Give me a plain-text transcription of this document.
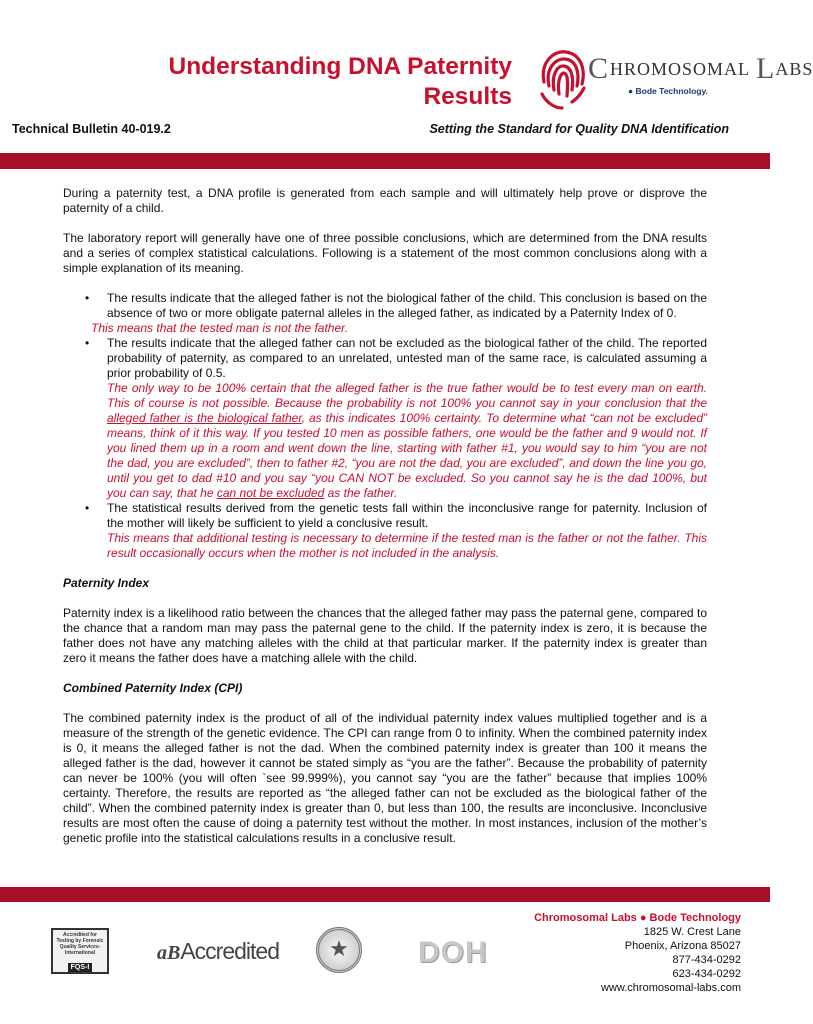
Understanding DNA Paternity
Results
CHROMOSOMAL LABS
● Bode Technology.
Technical Bulletin 40-019.2	Setting the Standard for Quality DNA Identification

During a paternity test, a DNA profile is generated from each sample and will ultimately help prove or disprove the paternity of a child.

The laboratory report will generally have one of three possible conclusions, which are determined from the DNA results and a series of complex statistical calculations. Following is a statement of the most common conclusions along with a simple explanation of its meaning.

• The results indicate that the alleged father is not the biological father of the child. This conclusion is based on the absence of two or more obligate paternal alleles in the alleged father, as indicated by a Paternity Index of 0.
This means that the tested man is not the father.
• The results indicate that the alleged father can not be excluded as the biological father of the child. The reported probability of paternity, as compared to an unrelated, untested man of the same race, is calculated assuming a prior probability of 0.5.
The only way to be 100% certain that the alleged father is the true father would be to test every man on earth. This of course is not possible. Because the probability is not 100% you cannot say in your conclusion that the alleged father is the biological father, as this indicates 100% certainty. To determine what “can not be excluded” means, think of it this way. If you tested 10 men as possible fathers, one would be the father and 9 would not. If you lined them up in a room and went down the line, starting with father #1, you would say to him “you are not the dad, you are excluded”, then to father #2, “you are not the dad, you are excluded”, and down the line you go, until you get to dad #10 and you say “you CAN NOT be excluded. So you cannot say he is the dad 100%, but you can say, that he can not be excluded as the father.
• The statistical results derived from the genetic tests fall within the inconclusive range for paternity. Inclusion of the mother will likely be sufficient to yield a conclusive result.
This means that additional testing is necessary to determine if the tested man is the father or not the father. This result occasionally occurs when the mother is not included in the analysis.
Paternity Index

Paternity index is a likelihood ratio between the chances that the alleged father may pass the paternal gene, compared to the chance that a random man may pass the paternal gene to the child. If the paternity index is zero, it is because the father does not have any matching alleles with the child at that particular marker. If the paternity index is greater than zero it means the father does have a matching allele with the child.

Combined Paternity Index (CPI)

The combined paternity index is the product of all of the individual paternity index values multiplied together and is a measure of the strength of the genetic evidence. The CPI can range from 0 to infinity. When the combined paternity index is 0, it means the alleged father is not the dad. When the combined paternity index is greater than 100 it means the alleged father is the dad, however it cannot be stated simply as “you are the father”. Because the probability of paternity can never be 100% (you will often `see 99.999%), you cannot say “you are the father” because that implies 100% certainty. Therefore, the results are reported as “the alleged father can not be excluded as the biological father of the child”. When the combined paternity index is greater than 0, but less than 100, the results are inconclusive. Inconclusive results are most often the cause of doing a paternity test without the mother. In most instances, inclusion of the mother’s genetic profile into the statistical calculations results in a conclusive result.

Accredited for Testing by Forensic Quality Services-International
FQS-I
aBAccredited	★	DOH
Chromosomal Labs ● Bode Technology
1825 W. Crest Lane
Phoenix, Arizona 85027
877-434-0292
623-434-0292
www.chromosomal-labs.com
